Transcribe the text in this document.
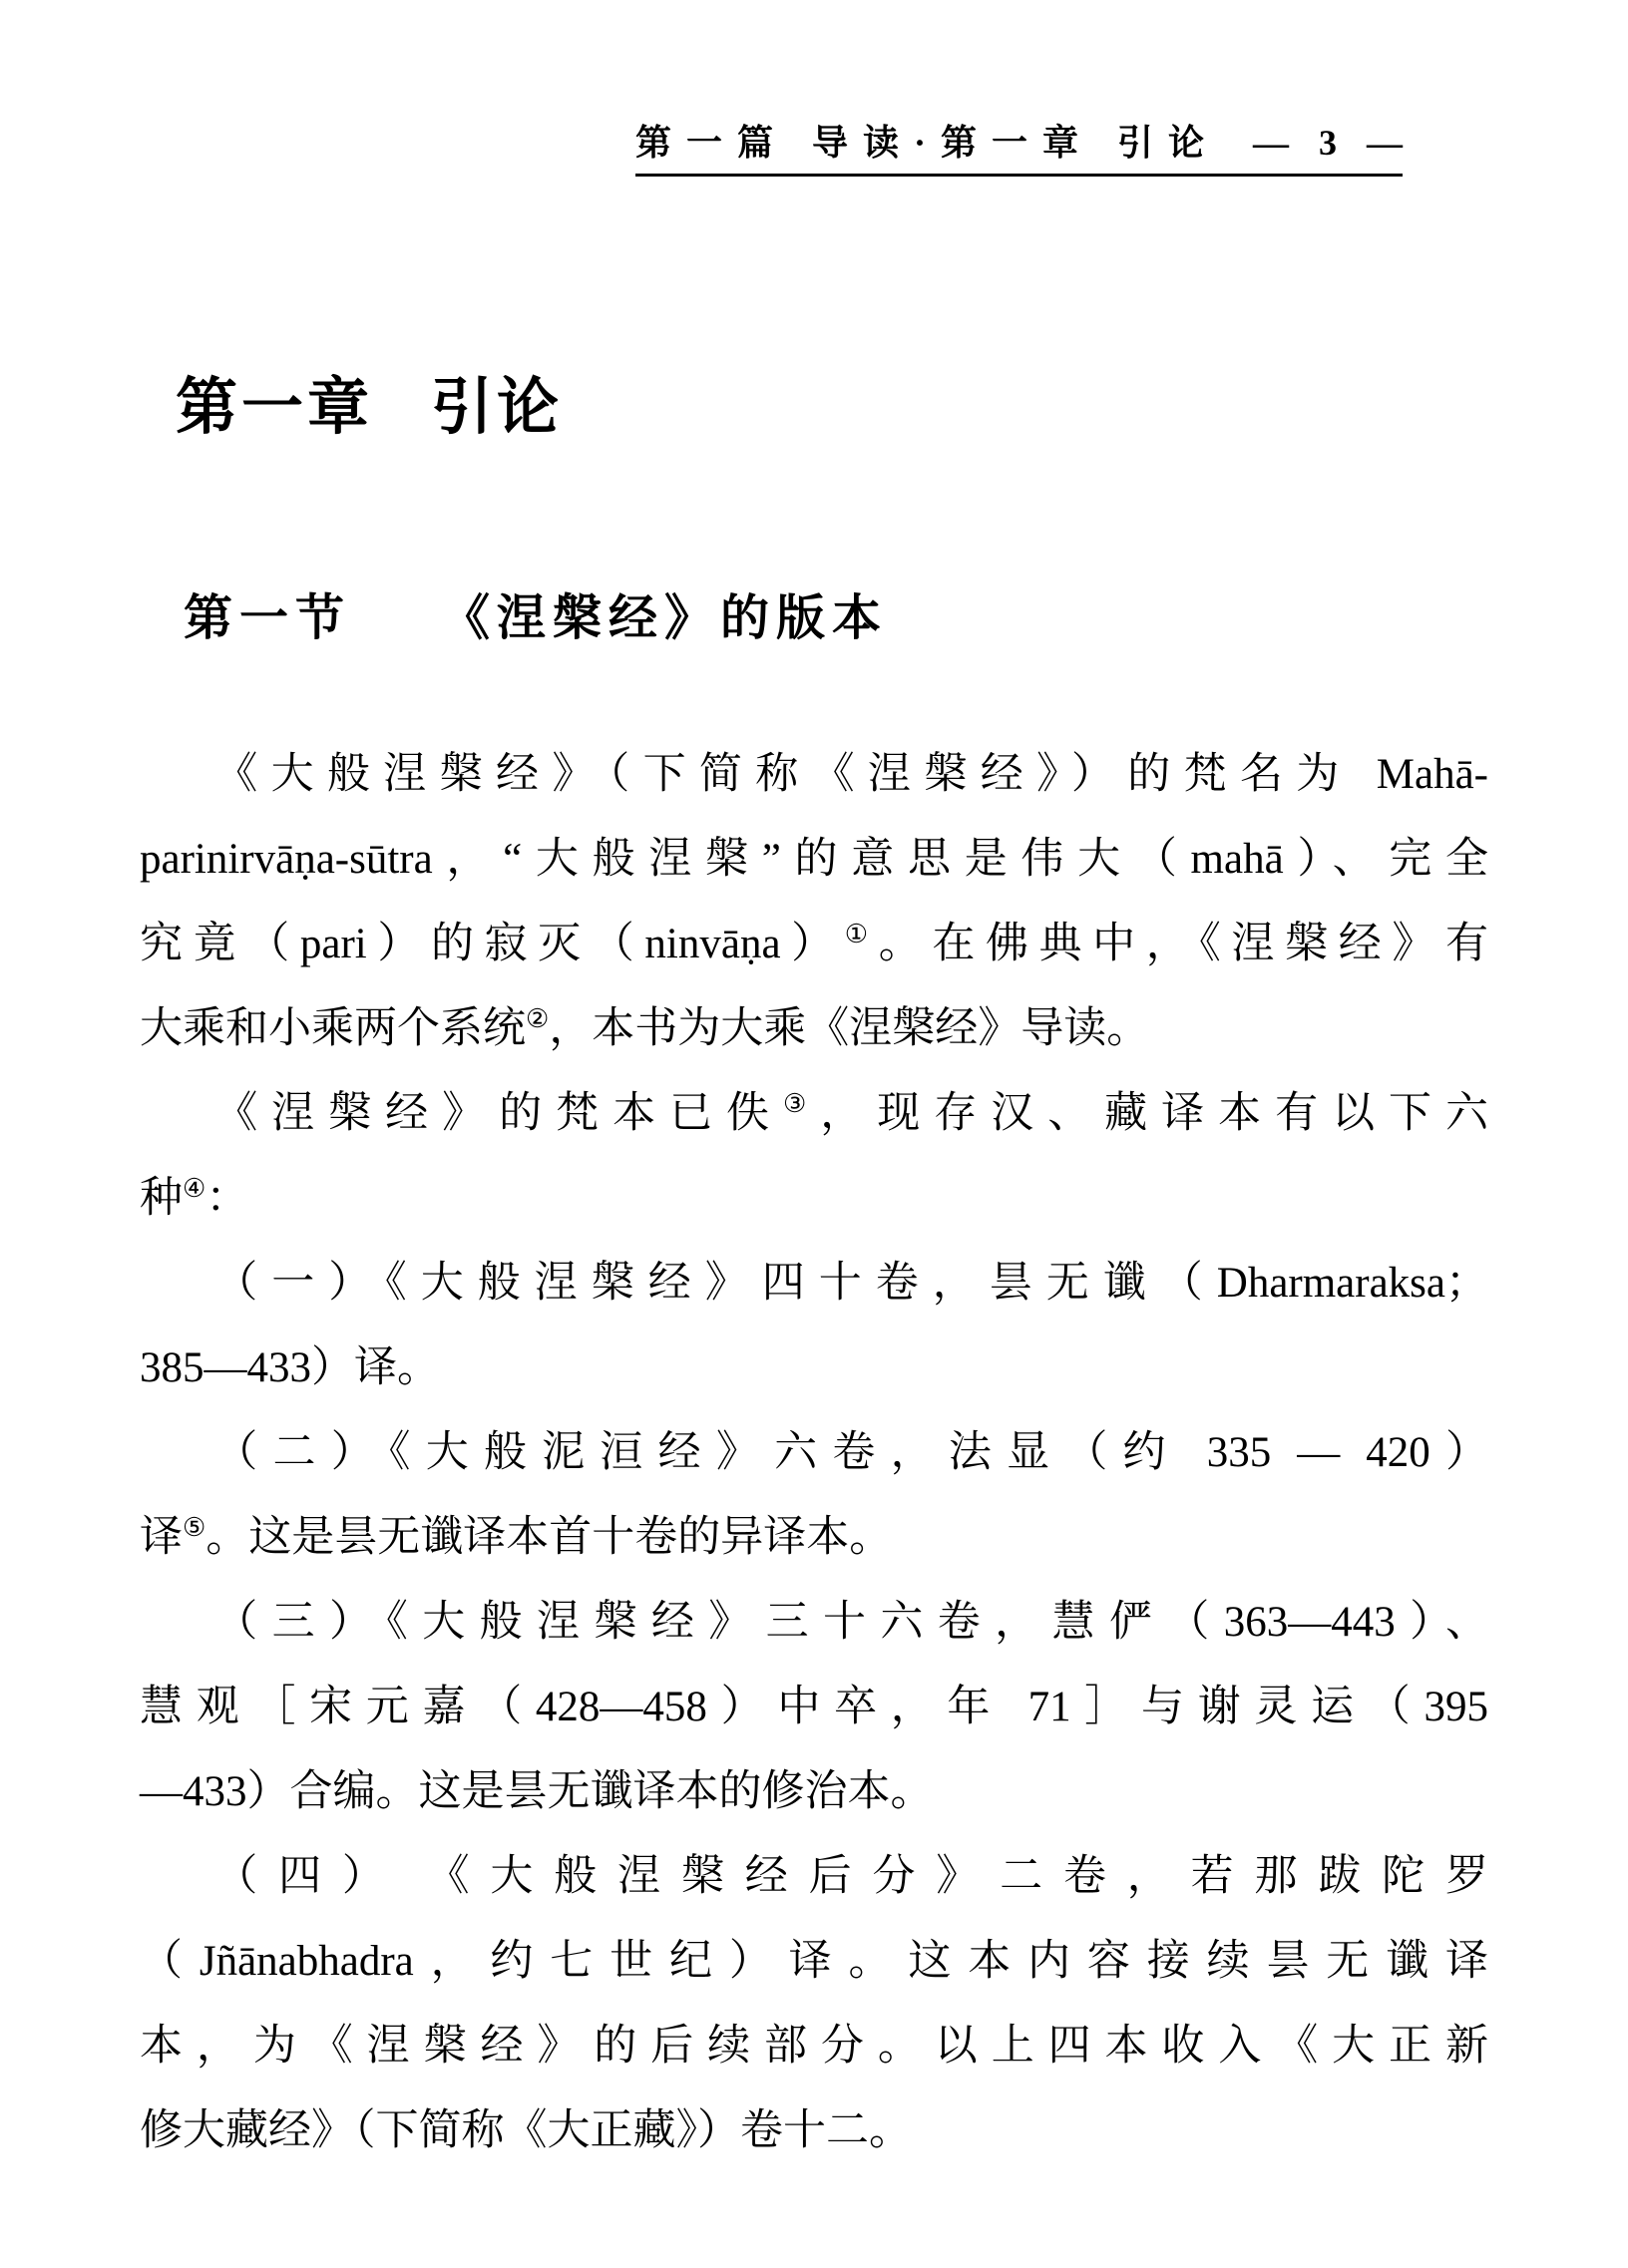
第一篇 导读·第一章 引论 — 3 —
第一章 引论
第一节 《涅槃经》的版本
《大般涅槃经》（下简称《涅槃经》）的梵名为 Mahā-
parinirvāṇa-sūtra，“大般涅槃”的意思是伟大（mahā）、完全
究竟（pari）的寂灭（ninvāṇa）①。在佛典中，《涅槃经》有
大乘和小乘两个系统②，本书为大乘《涅槃经》导读。
《涅槃经》的梵本已佚③，现存汉、藏译本有以下六
种④：
（一）《大般涅槃经》四十卷，昙无谶（Dharmaraksa；
385—433）译。
（二）《大般泥洹经》六卷，法显（约 335 — 420）
译⑤。这是昙无谶译本首十卷的异译本。
（三）《大般涅槃经》三十六卷，慧俨（363—443）、
慧观［宋元嘉（428—458）中卒，年 71］与谢灵运（395
—433）合编。这是昙无谶译本的修治本。
（四）　《大般涅槃经后分》二卷，若那跋陀罗
（Jñānabhadra，约七世纪）译。这本内容接续昙无谶译
本，为《涅槃经》的后续部分。以上四本收入《大正新
修大藏经》（下简称《大正藏》）卷十二。
